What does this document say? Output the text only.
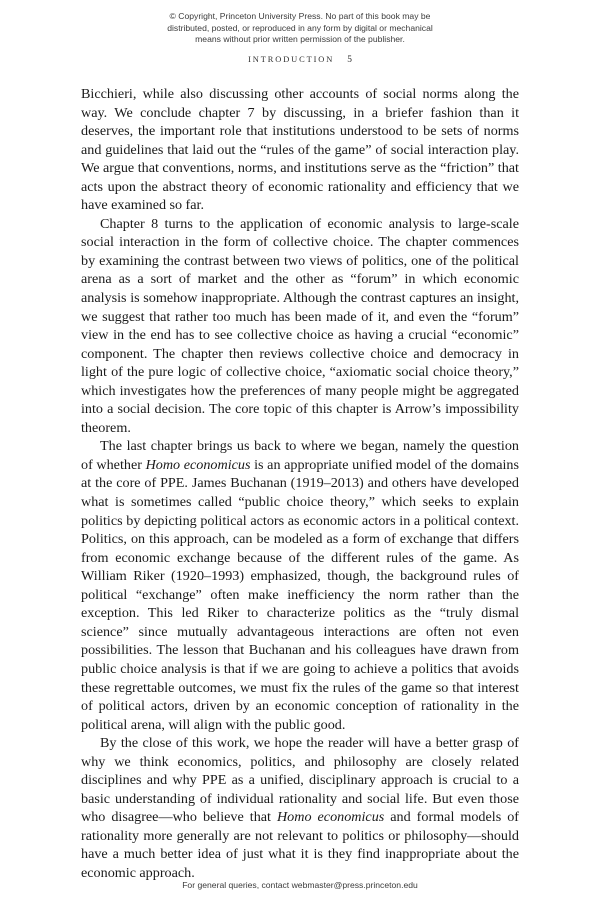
© Copyright, Princeton University Press. No part of this book may be
distributed, posted, or reproduced in any form by digital or mechanical
means without prior written permission of the publisher.
INTRODUCTION 5

Bicchieri, while also discussing other accounts of social norms along the way. We conclude chapter 7 by discussing, in a briefer fashion than it deserves, the important role that institutions understood to be sets of norms and guidelines that laid out the “rules of the game” of social interaction play. We argue that conventions, norms, and institutions serve as the “friction” that acts upon the abstract theory of economic rationality and efficiency that we have examined so far.

Chapter 8 turns to the application of economic analysis to large-scale social interaction in the form of collective choice. The chapter commences by examining the contrast between two views of politics, one of the political arena as a sort of market and the other as “forum” in which economic analysis is somehow inappropriate. Although the contrast captures an insight, we suggest that rather too much has been made of it, and even the “forum” view in the end has to see collective choice as having a crucial “economic” component. The chapter then reviews collective choice and democracy in light of the pure logic of collective choice, “axiomatic social choice theory,” which investigates how the preferences of many people might be aggregated into a social decision. The core topic of this chapter is Arrow’s impossibility theorem.

The last chapter brings us back to where we began, namely the question of whether Homo economicus is an appropriate unified model of the domains at the core of PPE. James Buchanan (1919–2013) and others have developed what is sometimes called “public choice theory,” which seeks to explain politics by depicting political actors as economic actors in a political context. Politics, on this approach, can be modeled as a form of exchange that differs from economic exchange because of the different rules of the game. As William Riker (1920–1993) emphasized, though, the background rules of political “exchange” often make inefficiency the norm rather than the exception. This led Riker to characterize politics as the “truly dismal science” since mutually advantageous interactions are often not even possibilities. The lesson that Buchanan and his colleagues have drawn from public choice analysis is that if we are going to achieve a politics that avoids these regrettable outcomes, we must fix the rules of the game so that interest of political actors, driven by an economic conception of rationality in the political arena, will align with the public good.

By the close of this work, we hope the reader will have a better grasp of why we think economics, politics, and philosophy are closely related disciplines and why PPE as a unified, disciplinary approach is crucial to a basic understanding of individual rationality and social life. But even those who disagree—who believe that Homo economicus and formal models of rationality more generally are not relevant to politics or philosophy—should have a much better idea of just what it is they find inappropriate about the economic approach.

For general queries, contact webmaster@press.princeton.edu
